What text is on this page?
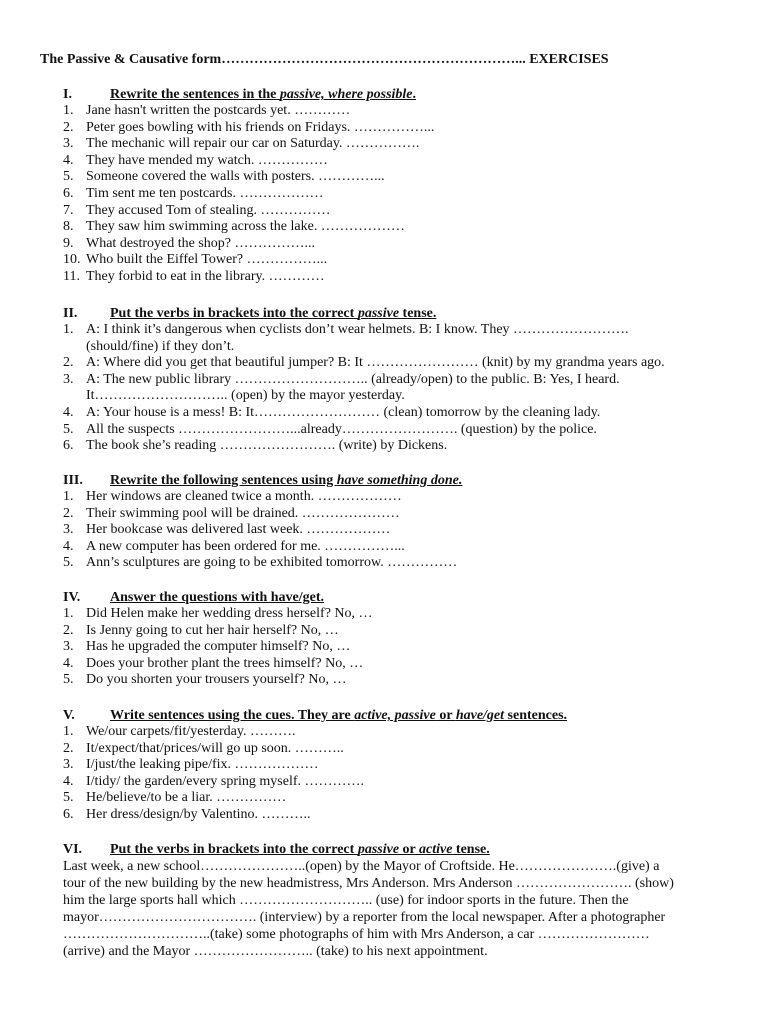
The Passive & Causative form………………………………………………………... EXERCISES
I.	Rewrite the sentences in the passive, where possible.
1. Jane hasn't written the postcards yet. …………
2. Peter goes bowling with his friends on Fridays. ……………...
3. The mechanic will repair our car on Saturday. …………….
4. They have mended my watch. ……………
5. Someone covered the walls with posters. …………...
6. Tim sent me ten postcards. ………………
7. They accused Tom of stealing. ……………
8. They saw him swimming across the lake. ………………
9. What destroyed the shop? ……………...
10. Who built the Eiffel Tower? ……………...
11. They forbid to eat in the library. …………
II.	Put the verbs in brackets into the correct passive tense.
1. A: I think it’s dangerous when cyclists don’t wear helmets. B: I know. They …………………….
(should/fine) if they don’t.
2. A: Where did you get that beautiful jumper? B: It …………………… (knit) by my grandma years ago.
3. A: The new public library ……………………….. (already/open) to the public. B: Yes, I heard.
It……………………….. (open) by the mayor yesterday.
4. A: Your house is a mess! B: It……………………… (clean) tomorrow by the cleaning lady.
5. All the suspects ……………………...already……………………. (question) by the police.
6. The book she’s reading ……………………. (write) by Dickens.
III.	Rewrite the following sentences using have something done.
1. Her windows are cleaned twice a month. ………………
2. Their swimming pool will be drained. …………………
3. Her bookcase was delivered last week. ………………
4. A new computer has been ordered for me. ……………...
5. Ann’s sculptures are going to be exhibited tomorrow. ……………
IV.	Answer the questions with have/get.
1. Did Helen make her wedding dress herself? No, …
2. Is Jenny going to cut her hair herself? No, …
3. Has he upgraded the computer himself? No, …
4. Does your brother plant the trees himself? No, …
5. Do you shorten your trousers yourself? No, …
V.	Write sentences using the cues. They are active, passive or have/get sentences.
1. We/our carpets/fit/yesterday. ……….
2. It/expect/that/prices/will go up soon. ………..
3. I/just/the leaking pipe/fix. ………………
4. I/tidy/ the garden/every spring myself. ………….
5. He/believe/to be a liar. ……………
6. Her dress/design/by Valentino. ………..
VI.	Put the verbs in brackets into the correct passive or active tense.
Last week, a new school…………………..(open) by the Mayor of Croftside. He………………….(give) a
tour of the new building by the new headmistress, Mrs Anderson. Mrs Anderson ……………………. (show)
him the large sports hall which ……………………….. (use) for indoor sports in the future. Then the
mayor……………………………. (interview) by a reporter from the local newspaper. After a photographer
…………………………..(take) some photographs of him with Mrs Anderson, a car ……………………
(arrive) and the Mayor …………………….. (take) to his next appointment.
